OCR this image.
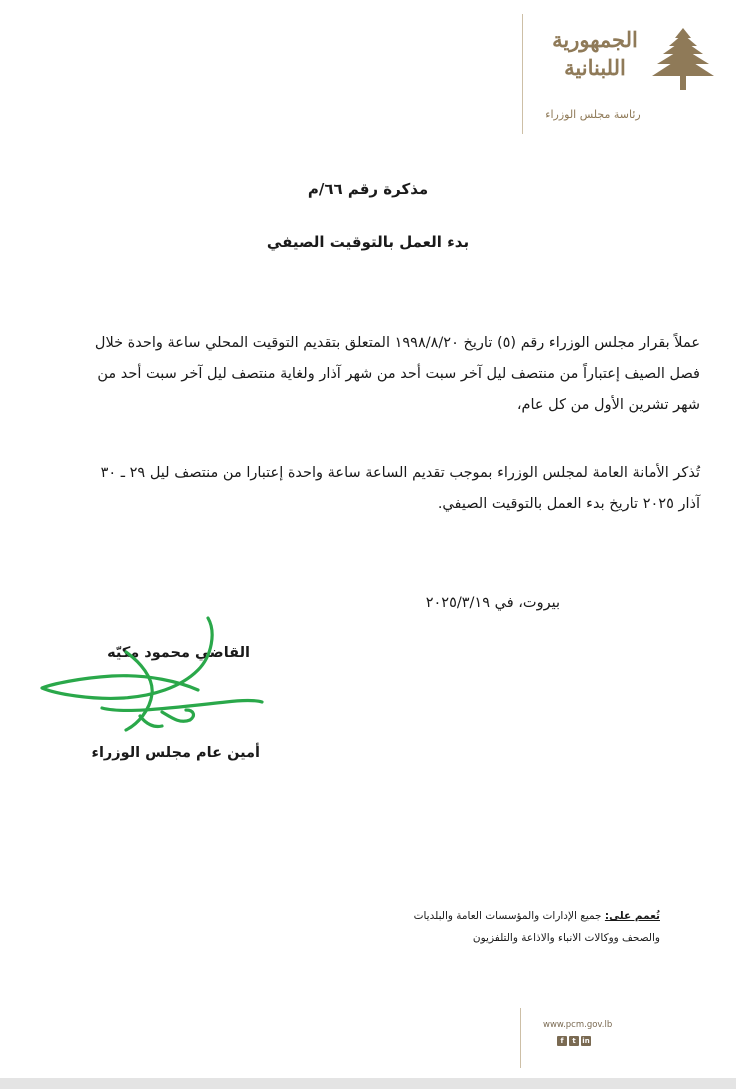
الجمهورية
اللبنانية
رئاسة مجلس الوزراء
مذكرة رقم ٦٦/م
بدء العمل بالتوقيت الصيفي
عملاً بقرار مجلس الوزراء رقم (٥) تاريخ ١٩٩٨/٨/٢٠ المتعلق بتقديم التوقيت المحلي ساعة واحدة خلال فصل الصيف إعتباراً من منتصف ليل آخر سبت أحد من شهر آذار ولغاية منتصف ليل آخر سبت أحد من شهر تشرين الأول من كل عام،
تُذكر الأمانة العامة لمجلس الوزراء بموجب تقديم الساعة ساعة واحدة إعتبارا من منتصف ليل ٢٩ ـ ٣٠ آذار ٢٠٢٥ تاريخ بدء العمل بالتوقيت الصيفي.
بيروت، في ٢٠٢٥/٣/١٩
القاضي محمود مكيّه
أمين عام مجلس الوزراء
تُعمم على: جميع الإدارات والمؤسسات العامة والبلديات
والصحف ووكالات الانباء والاذاعة والتلفزيون
www.pcm.gov.lb
f	t in
